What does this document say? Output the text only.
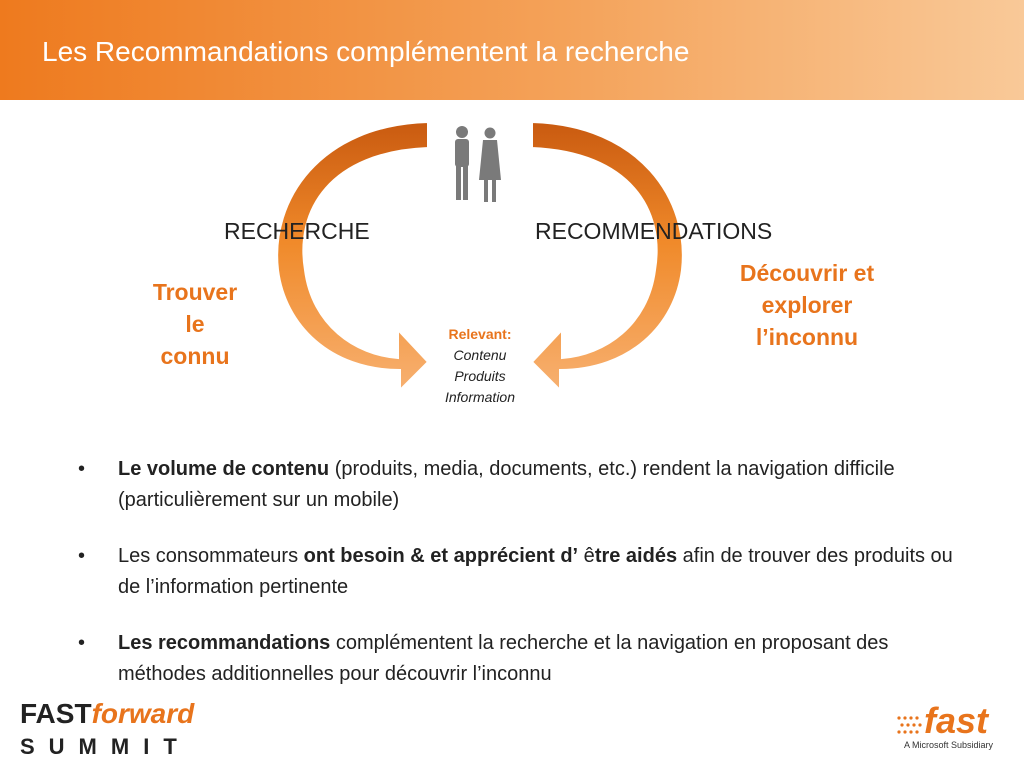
Les Recommandations complémentent la recherche
RECHERCHE	RECOMMENDATIONS
Trouver
le
connu
Découvrir et
explorer
l’inconnu
Relevant:
Contenu
Produits
Information
• Le volume de contenu (produits, media, documents, etc.) rendent la navigation difficile (particulièrement sur un mobile)
• Les consommateurs ont besoin & et apprécient d’ être aidés afin de trouver des produits ou de l’information pertinente
• Les recommandations complémentent la recherche et la navigation en proposant des méthodes additionnelles pour découvrir l’inconnu
FASTforward
SUMMIT
fast
A Microsoft Subsidiary
